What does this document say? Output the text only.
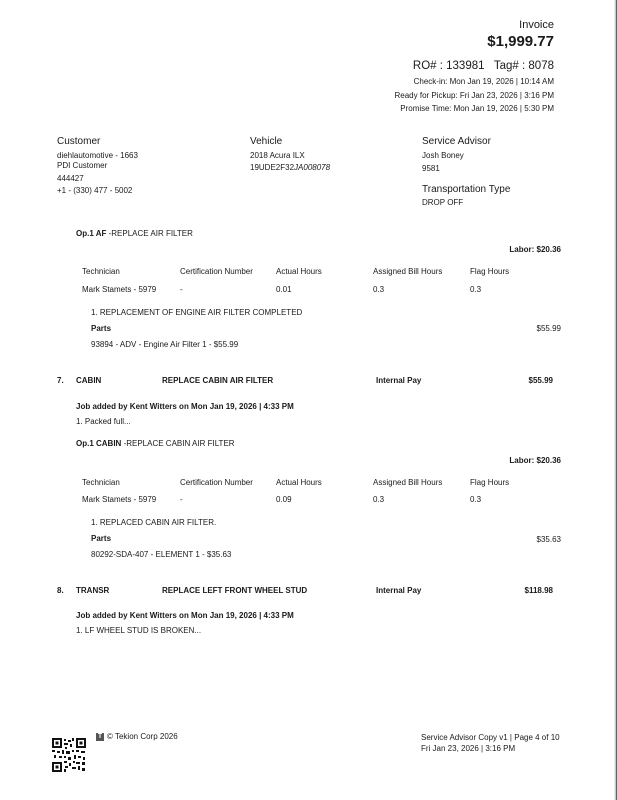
Invoice
$1,999.77
RO# : 133981   Tag# : 8078
Check-in: Mon Jan 19, 2026 | 10:14 AM
Ready for Pickup: Fri Jan 23, 2026 | 3:16 PM
Promise Time: Mon Jan 19, 2026 | 5:30 PM
Customer
diehlautomotive - 1663
PDI Customer
444427
+1 - (330) 477 - 5002
Vehicle
2018 Acura ILX
19UDE2F32JA008078
Service Advisor
Josh Boney
9581
Transportation Type
DROP OFF
Op.1 AF -REPLACE AIR FILTER
Labor: $20.36
Technician	Certification Number	Actual Hours	Assigned Bill Hours	Flag Hours
Mark Stamets - 5979	-	0.01	0.3	0.3
1. REPLACEMENT OF ENGINE AIR FILTER COMPLETED
Parts	$55.99
93894 - ADV - Engine Air Filter 1 - $55.99
7. CABIN	REPLACE CABIN AIR FILTER	Internal Pay	$55.99
Job added by Kent Witters on Mon Jan 19, 2026 | 4:33 PM
1. Packed full...
Op.1 CABIN -REPLACE CABIN AIR FILTER
Labor: $20.36
Technician	Certification Number	Actual Hours	Assigned Bill Hours	Flag Hours
Mark Stamets - 5979	-	0.09	0.3	0.3
1. REPLACED CABIN AIR FILTER.
Parts	$35.63
80292-SDA-407 - ELEMENT 1 - $35.63
8. TRANSR	REPLACE LEFT FRONT WHEEL STUD	Internal Pay	$118.98
Job added by Kent Witters on Mon Jan 19, 2026 | 4:33 PM
1. LF WHEEL STUD IS BROKEN...
T © Tekion Corp 2026	Service Advisor Copy v1 | Page 4 of 10
Fri Jan 23, 2026 | 3:16 PM
